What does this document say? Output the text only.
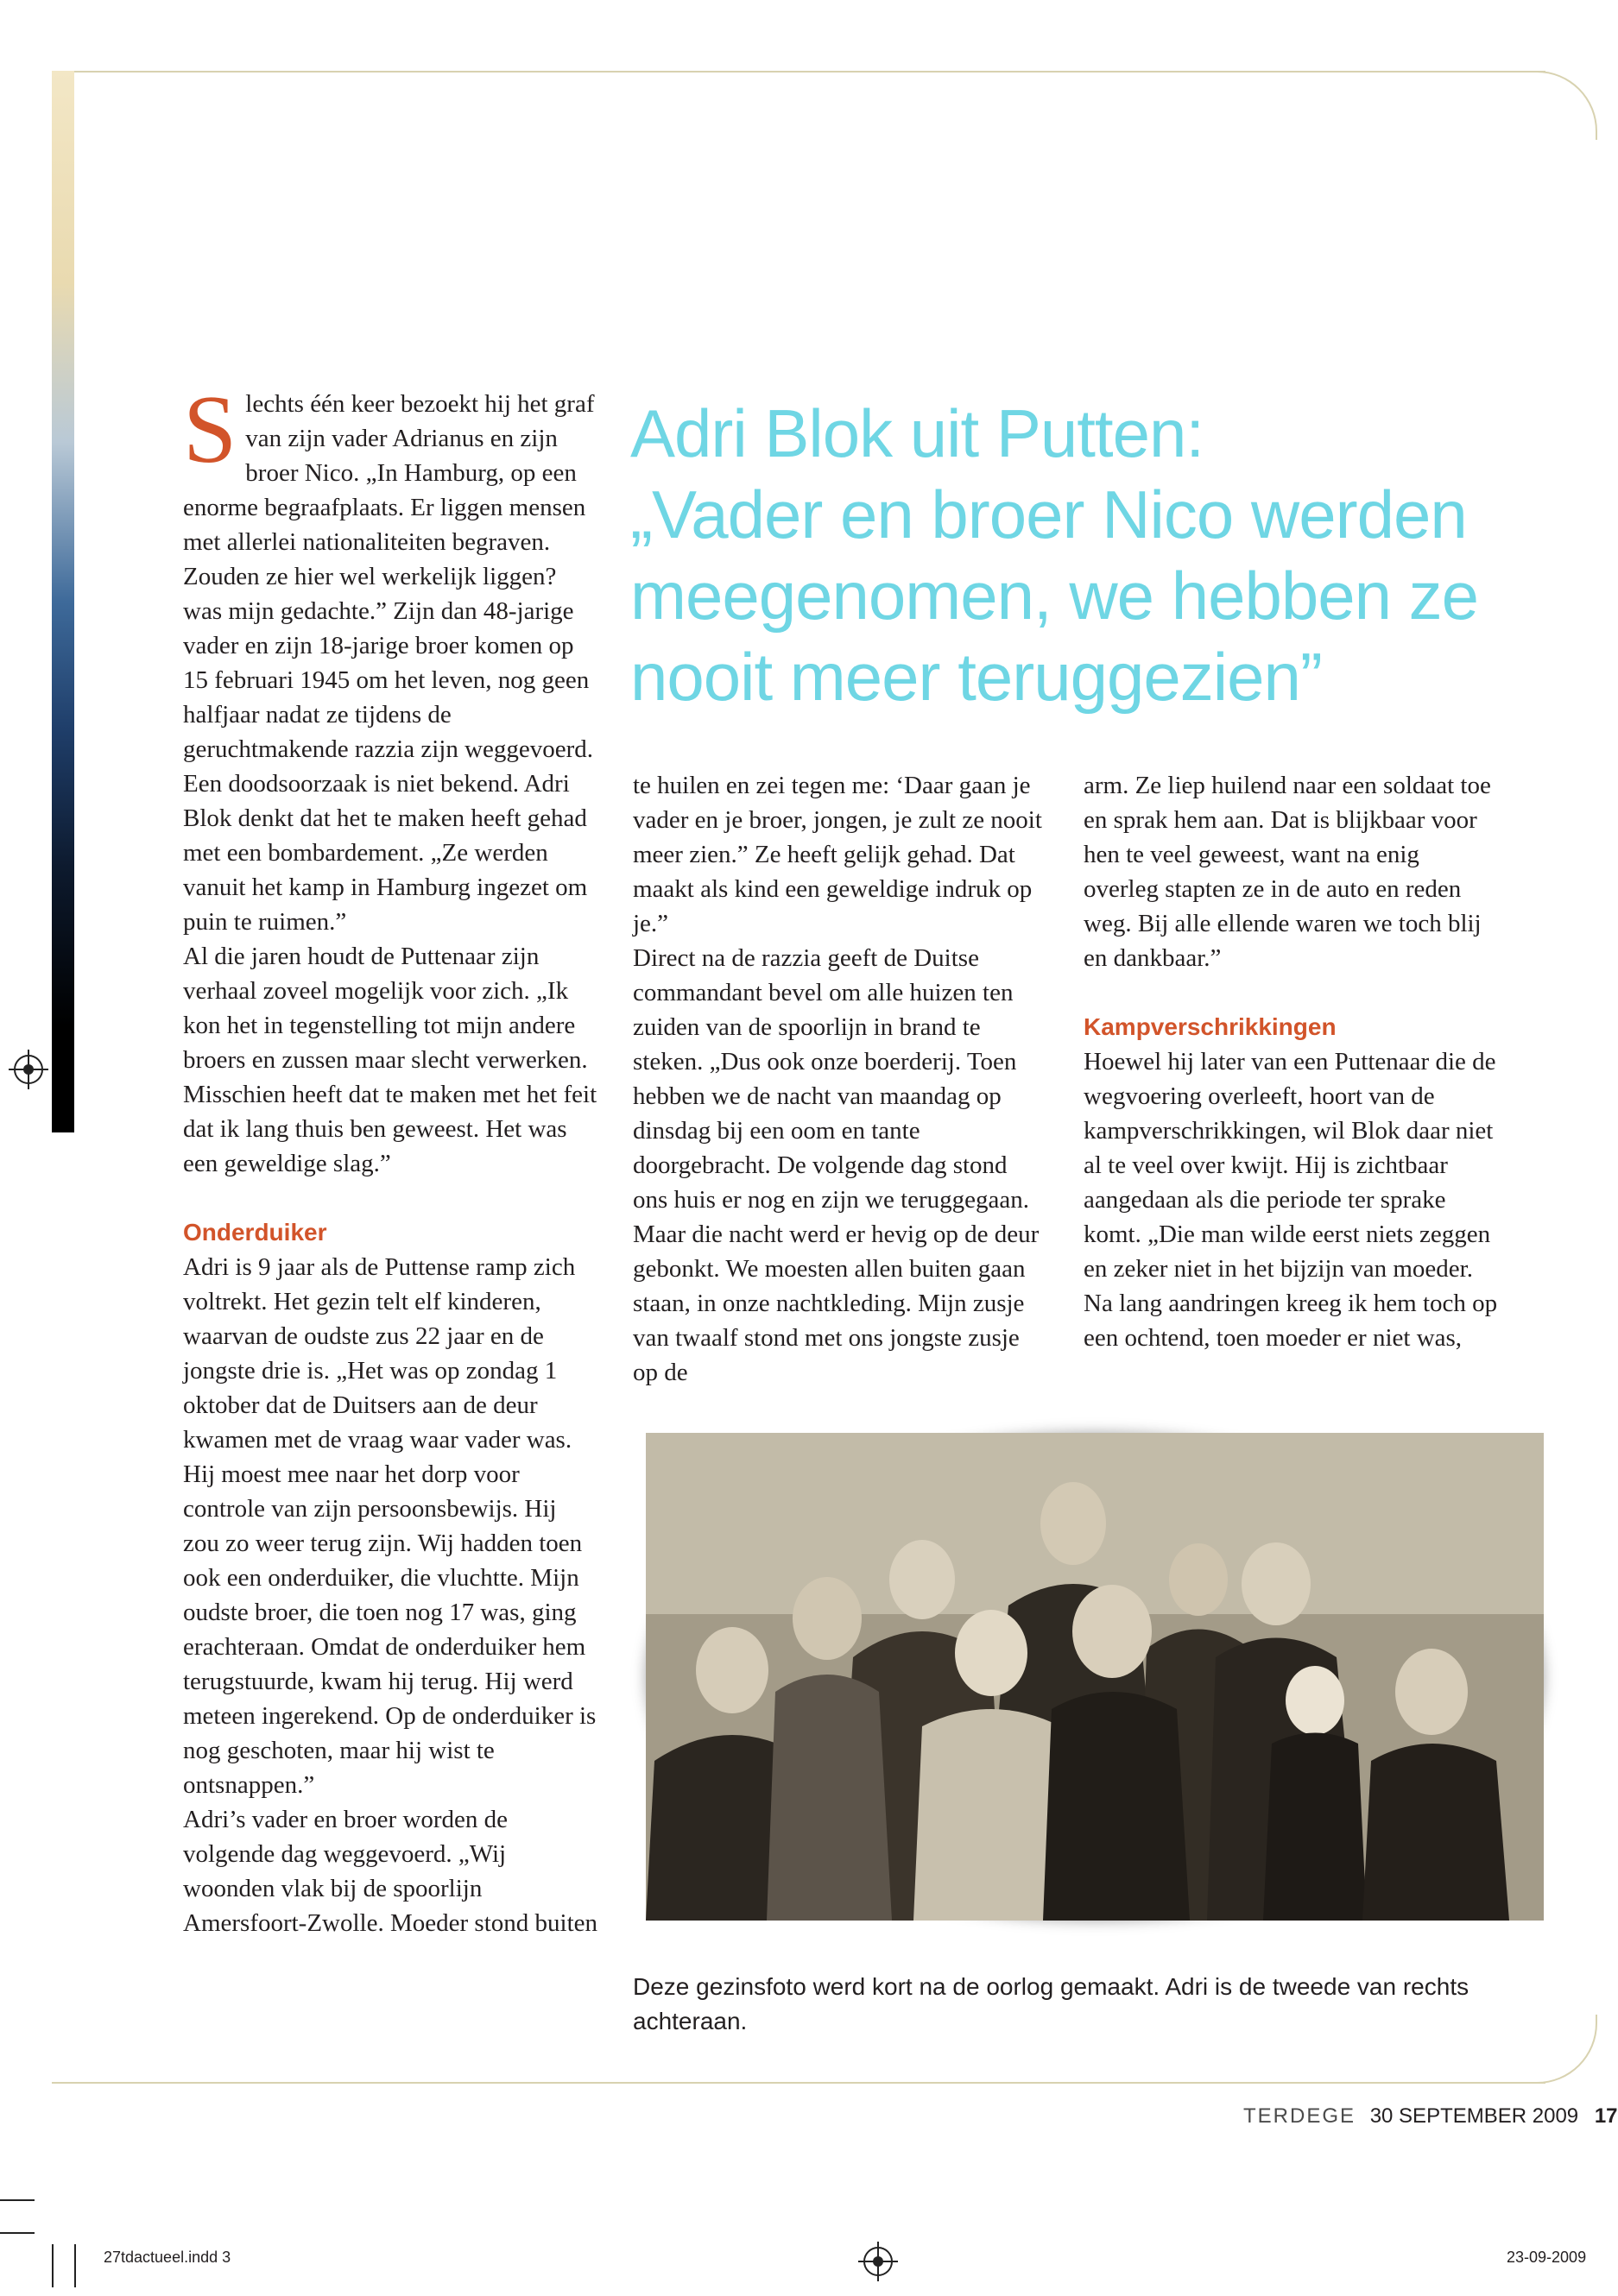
Adri Blok uit Putten:
„Vader en broer Nico werden
meegenomen, we hebben ze
nooit meer teruggezien”

Slechts één keer bezoekt hij het graf van zijn vader Adrianus en zijn broer Nico. „In Hamburg, op een enorme begraafplaats. Er liggen mensen met allerlei nationaliteiten begraven. Zouden ze hier wel werkelijk liggen? was mijn gedachte.” Zijn dan 48-jarige vader en zijn 18-jarige broer komen op 15 februari 1945 om het leven, nog geen halfjaar nadat ze tijdens de geruchtmakende razzia zijn weggevoerd. Een doodsoorzaak is niet bekend. Adri Blok denkt dat het te maken heeft gehad met een bombardement. „Ze werden vanuit het kamp in Hamburg ingezet om puin te ruimen.”

Al die jaren houdt de Puttenaar zijn verhaal zoveel mogelijk voor zich. „Ik kon het in tegenstelling tot mijn andere broers en zussen maar slecht verwerken. Misschien heeft dat te maken met het feit dat ik lang thuis ben geweest. Het was een geweldige slag.”

Onderduiker

Adri is 9 jaar als de Puttense ramp zich voltrekt. Het gezin telt elf kinderen, waarvan de oudste zus 22 jaar en de jongste drie is. „Het was op zondag 1 oktober dat de Duitsers aan de deur kwamen met de vraag waar vader was. Hij moest mee naar het dorp voor controle van zijn persoonsbewijs. Hij zou zo weer terug zijn. Wij hadden toen ook een onderduiker, die vluchtte. Mijn oudste broer, die toen nog 17 was, ging erachteraan. Omdat de onderduiker hem terugstuurde, kwam hij terug. Hij werd meteen ingerekend. Op de onderduiker is nog geschoten, maar hij wist te ontsnappen.”

Adri’s vader en broer worden de volgende dag weggevoerd. „Wij woonden vlak bij de spoorlijn Amersfoort-Zwolle. Moeder stond buiten

te huilen en zei tegen me: ‘Daar gaan je vader en je broer, jongen, je zult ze nooit meer zien.” Ze heeft gelijk gehad. Dat maakt als kind een geweldige indruk op je.”

Direct na de razzia geeft de Duitse commandant bevel om alle huizen ten zuiden van de spoorlijn in brand te steken. „Dus ook onze boerderij. Toen hebben we de nacht van maandag op dinsdag bij een oom en tante doorgebracht. De volgende dag stond ons huis er nog en zijn we teruggegaan. Maar die nacht werd er hevig op de deur gebonkt. We moesten allen buiten gaan staan, in onze nachtkleding. Mijn zusje van twaalf stond met ons jongste zusje op de

arm. Ze liep huilend naar een soldaat toe en sprak hem aan. Dat is blijkbaar voor hen te veel geweest, want na enig overleg stapten ze in de auto en reden weg. Bij alle ellende waren we toch blij en dankbaar.”

Kampverschrikkingen

Hoewel hij later van een Puttenaar die de wegvoering overleeft, hoort van de kampverschrikkingen, wil Blok daar niet al te veel over kwijt. Hij is zichtbaar aangedaan als die periode ter sprake komt. „Die man wilde eerst niets zeggen en zeker niet in het bijzijn van moeder. Na lang aandringen kreeg ik hem toch op een ochtend, toen moeder er niet was,

Deze gezinsfoto werd kort na de oorlog gemaakt. Adri is de tweede van rechts achteraan.
TERDEGE 30 SEPTEMBER 2009 17
27tdactueel.indd 3	23-09-2009
